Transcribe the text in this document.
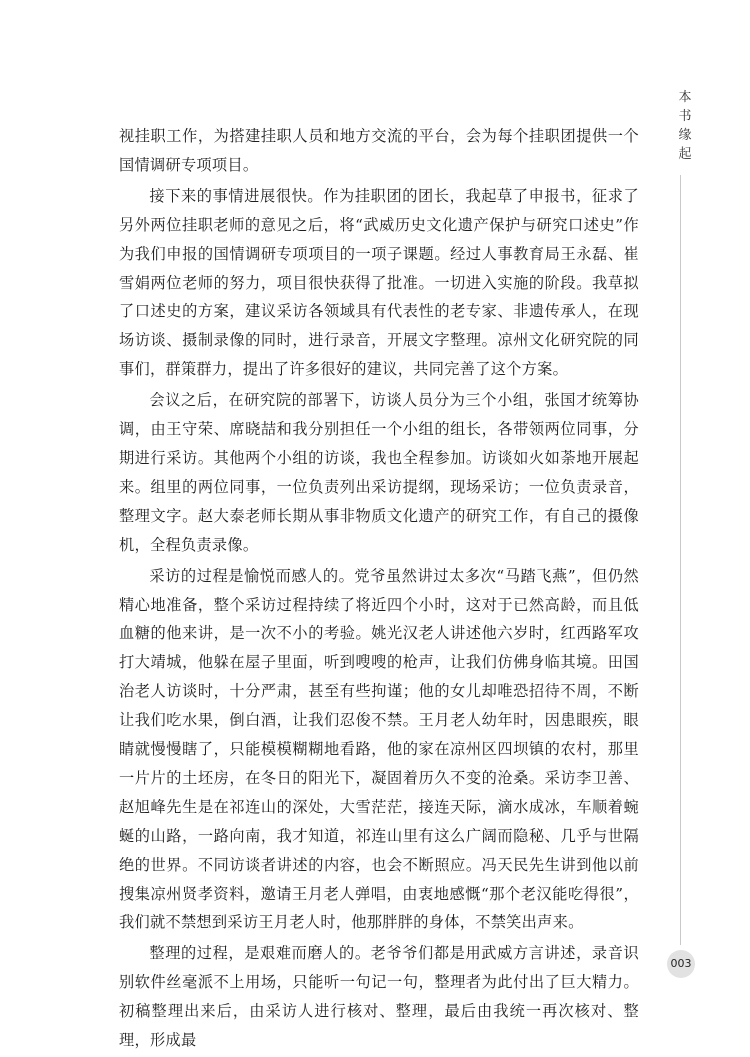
本
书
缘
起

视挂职工作，为搭建挂职人员和地方交流的平台，会为每个挂职团提供一个国情调研专项项目。

接下来的事情进展很快。作为挂职团的团长，我起草了申报书，征求了另外两位挂职老师的意见之后，将“武威历史文化遗产保护与研究口述史”作为我们申报的国情调研专项项目的一项子课题。经过人事教育局王永磊、崔雪娟两位老师的努力，项目很快获得了批准。一切进入实施的阶段。我草拟了口述史的方案，建议采访各领域具有代表性的老专家、非遗传承人，在现场访谈、摄制录像的同时，进行录音，开展文字整理。凉州文化研究院的同事们，群策群力，提出了许多很好的建议，共同完善了这个方案。

会议之后，在研究院的部署下，访谈人员分为三个小组，张国才统筹协调，由王守荣、席晓喆和我分别担任一个小组的组长，各带领两位同事，分期进行采访。其他两个小组的访谈，我也全程参加。访谈如火如荼地开展起来。组里的两位同事，一位负责列出采访提纲，现场采访；一位负责录音，整理文字。赵大泰老师长期从事非物质文化遗产的研究工作，有自己的摄像机，全程负责录像。

采访的过程是愉悦而感人的。党爷虽然讲过太多次“马踏飞燕”，但仍然精心地准备，整个采访过程持续了将近四个小时，这对于已然高龄，而且低血糖的他来讲，是一次不小的考验。姚光汉老人讲述他六岁时，红西路军攻打大靖城，他躲在屋子里面，听到嗖嗖的枪声，让我们仿佛身临其境。田国治老人访谈时，十分严肃，甚至有些拘谨；他的女儿却唯恐招待不周，不断让我们吃水果，倒白酒，让我们忍俊不禁。王月老人幼年时，因患眼疾，眼睛就慢慢瞎了，只能模模糊糊地看路，他的家在凉州区四坝镇的农村，那里一片片的土坯房，在冬日的阳光下，凝固着历久不变的沧桑。采访李卫善、赵旭峰先生是在祁连山的深处，大雪茫茫，接连天际，滴水成冰，车顺着蜿蜒的山路，一路向南，我才知道，祁连山里有这么广阔而隐秘、几乎与世隔绝的世界。不同访谈者讲述的内容，也会不断照应。冯天民先生讲到他以前搜集凉州贤孝资料，邀请王月老人弹唱，由衷地感慨“那个老汉能吃得很”，我们就不禁想到采访王月老人时，他那胖胖的身体，不禁笑出声来。

整理的过程，是艰难而磨人的。老爷爷们都是用武威方言讲述，录音识别软件丝毫派不上用场，只能听一句记一句，整理者为此付出了巨大精力。初稿整理出来后，由采访人进行核对、整理，最后由我统一再次核对、整理，形成最

003
